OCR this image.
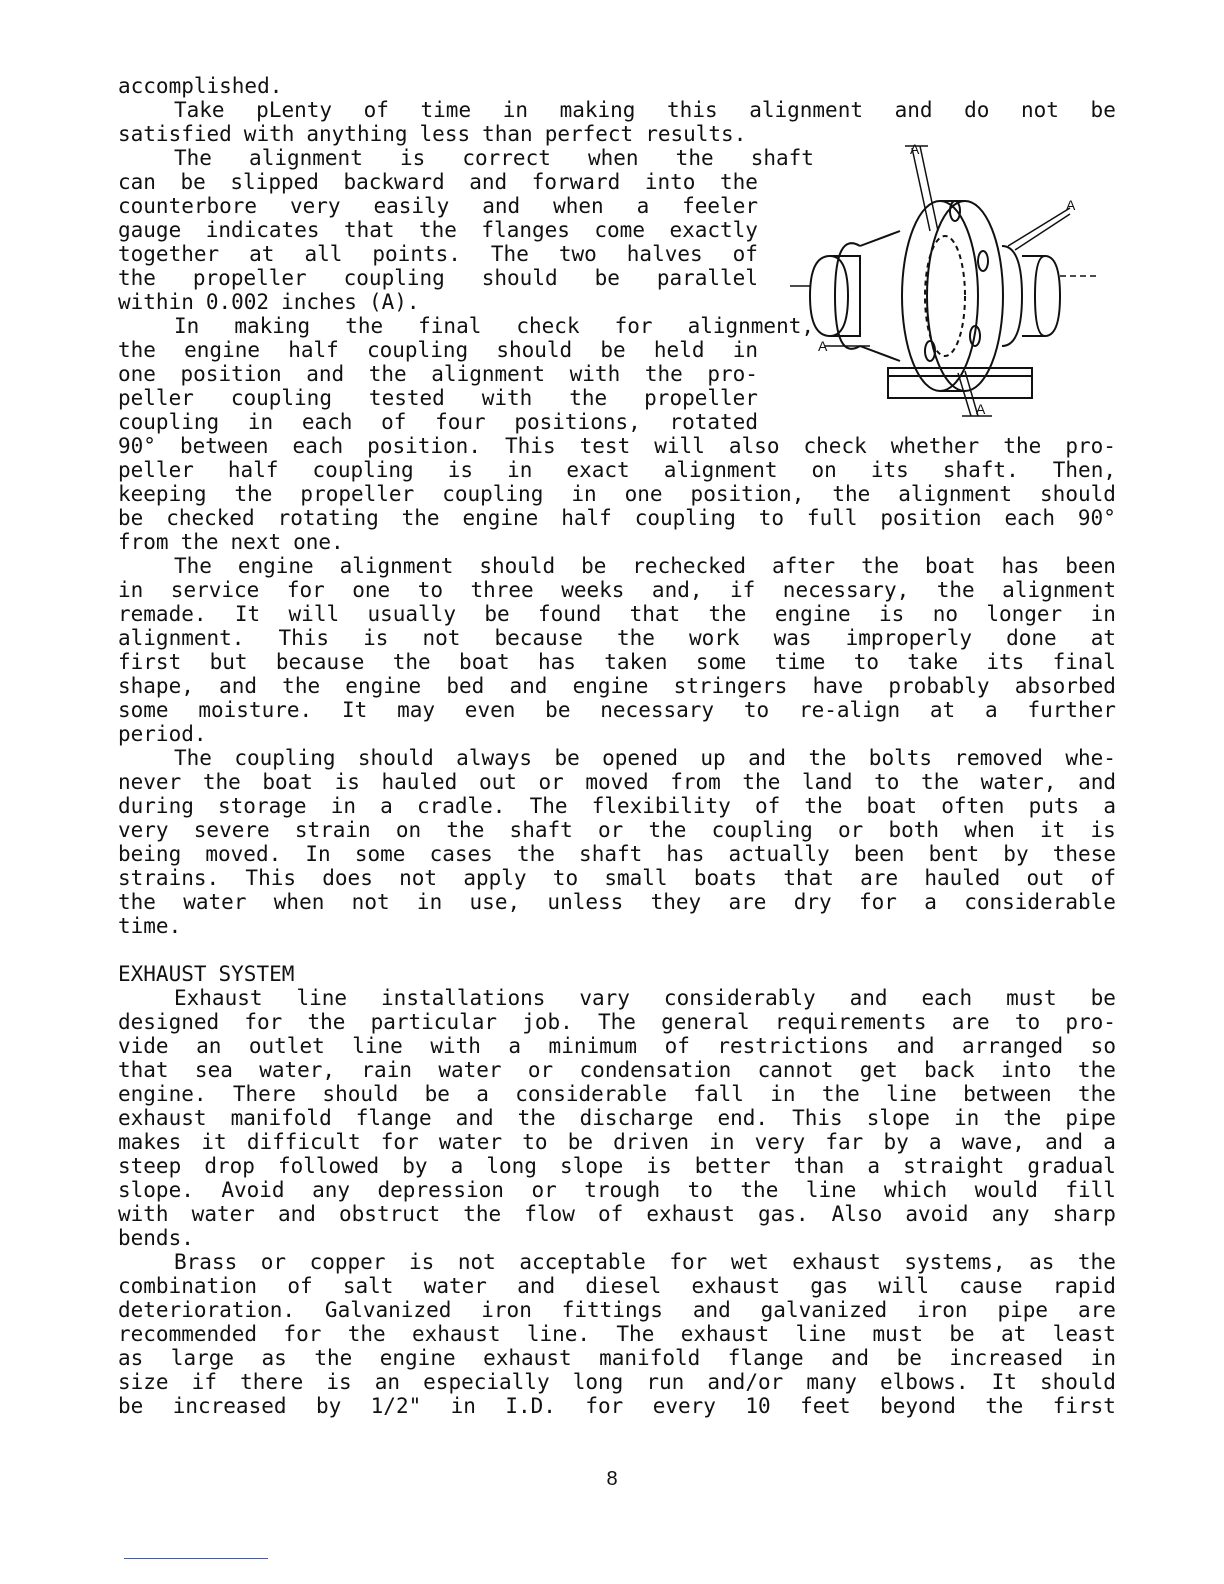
accomplished.
Take pLenty of time in making this alignment and do not be
satisfied with anything less than perfect results.
The alignment is correct when the shaft
can be slipped backward and forward into the
counterbore very easily and when a feeler
gauge indicates that the flanges come exactly
together at all points. The two halves of
the propeller coupling should be parallel
within 0.002 inches (A).
In making the final check for alignment,
the engine half coupling should be held in
one position and the alignment with the pro-
peller coupling tested with the propeller
coupling in each of four positions, rotated
90° between each position. This test will also check whether the pro-
peller half coupling is in exact alignment on its shaft. Then,
keeping the propeller coupling in one position, the alignment should
be checked rotating the engine half coupling to full position each 90°
from the next one.
The engine alignment should be rechecked after the boat has been
in service for one to three weeks and, if necessary, the alignment
remade. It will usually be found that the engine is no longer in
alignment. This is not because the work was improperly done at
first but because the boat has taken some time to take its final
shape, and the engine bed and engine stringers have probably absorbed
some moisture. It may even be necessary to re-align at a further
period.
The coupling should always be opened up and the bolts removed whe-
never the boat is hauled out or moved from the land to the water, and
during storage in a cradle. The flexibility of the boat often puts a
very severe strain on the shaft or the coupling or both when it is
being moved. In some cases the shaft has actually been bent by these
strains. This does not apply to small boats that are hauled out of
the water when not in use, unless they are dry for a considerable
time.
EXHAUST SYSTEM
Exhaust line installations vary considerably and each must be
designed for the particular job. The general requirements are to pro-
vide an outlet line with a minimum of restrictions and arranged so
that sea water, rain water or condensation cannot get back into the
engine. There should be a considerable fall in the line between the
exhaust manifold flange and the discharge end. This slope in the pipe
makes it difficult for water to be driven in very far by a wave, and a
steep drop followed by a long slope is better than a straight gradual
slope. Avoid any depression or trough to the line which would fill
with water and obstruct the flow of exhaust gas. Also avoid any sharp
bends.
Brass or copper is not acceptable for wet exhaust systems, as the
combination of salt water and diesel exhaust gas will cause rapid
deterioration. Galvanized iron fittings and galvanized iron pipe are
recommended for the exhaust line. The exhaust line must be at least
as large as the engine exhaust manifold flange and be increased in
size if there is an especially long run and/or many elbows. It should
be increased by 1/2" in I.D. for every 10 feet beyond the first
A
A
A
A
8
